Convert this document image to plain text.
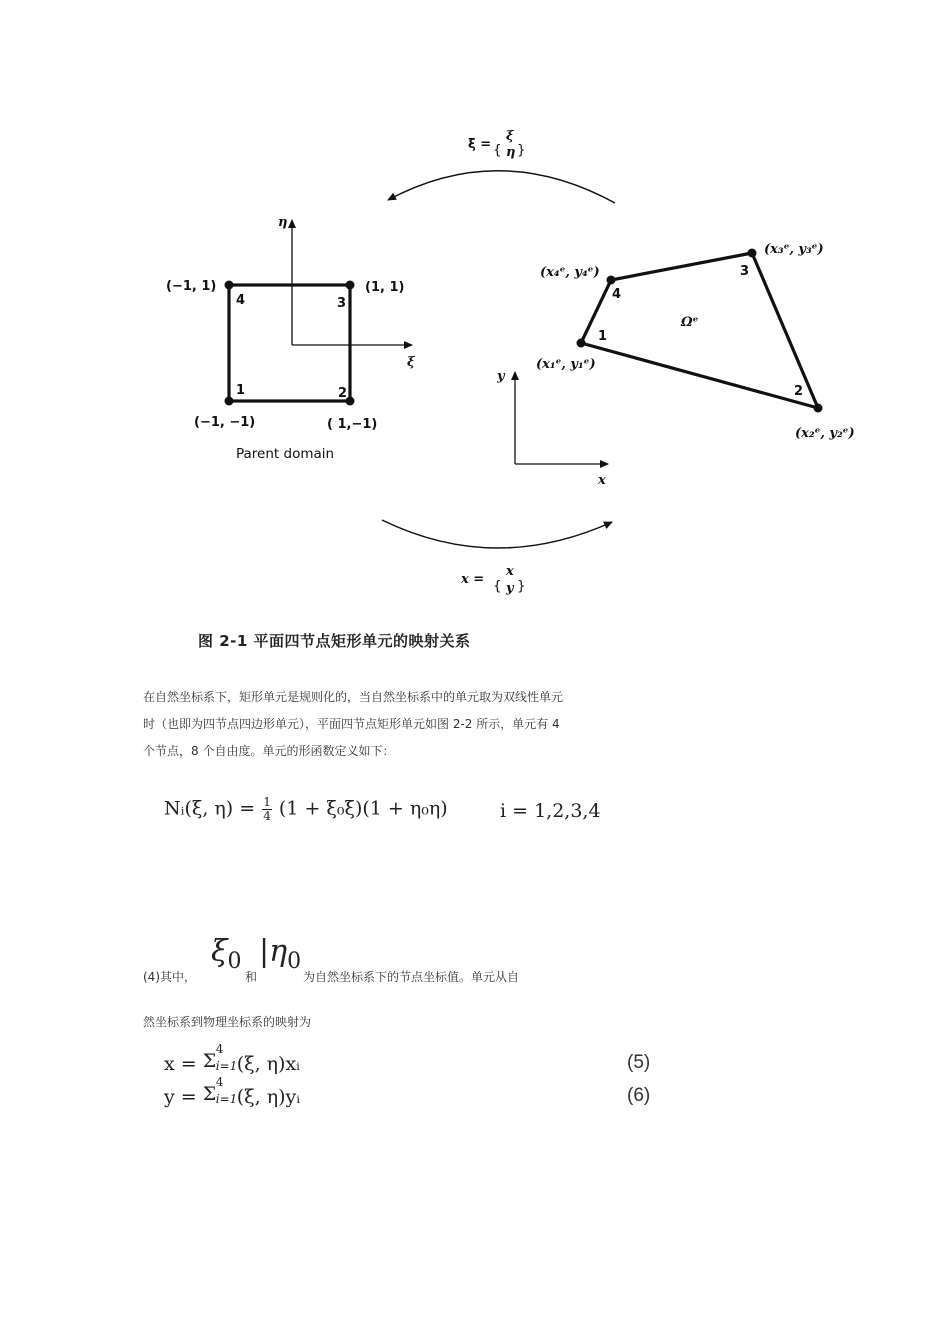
ξ = {
ξ
η }
η
ξ
(−1, 1)	(1, 1)
(−1, −1)	( 1,−1)
4	3
1	2
Parent domain
y
x
1
2
3
4
Ωᵉ
(x₁ᵉ, y₁ᵉ)
(x₂ᵉ, y₂ᵉ)
(x₃ᵉ, y₃ᵉ)
(x₄ᵉ, y₄ᵉ)
x = {
x
y }
图 2-1 平面四节点矩形单元的映射关系
在自然坐标系下，矩形单元是规则化的，当自然坐标系中的单元取为双线性单元时（也即为四节点四边形单元），平面四节点矩形单元如图 2-2 所示，单元有 4 个节点，8 个自由度。单元的形函数定义如下：
Nᵢ(ξ, $\eta) = \frac{1}{4} (1 + \xi_0\xi)(1 + \eta_0\eta)$	i = 1,2,3,4
(4)其中，
$\xi_0$
和
$|\eta_0$
为自然坐标系下的节点坐标值。单元从自
然坐标系到物理坐标系的映射为
x = Σ
4
i=1 (ξ, η)xᵢ	(5)
y = Σ
4
i=1 (ξ, η)yᵢ	(6)
